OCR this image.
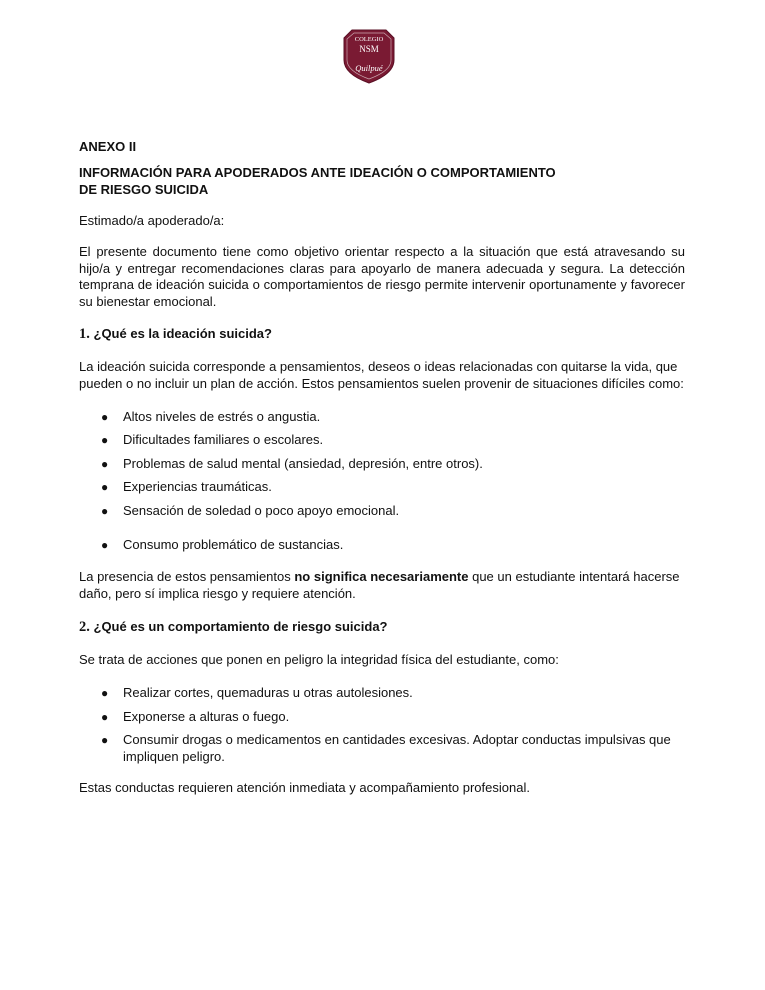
COLEGIO
NSM
Quilpué

ANEXO II

INFORMACIÓN PARA APODERADOS ANTE IDEACIÓN O COMPORTAMIENTO
DE RIESGO SUICIDA

Estimado/a apoderado/a:

El presente documento tiene como objetivo orientar respecto a la situación que está atravesando su hijo/a y entregar recomendaciones claras para apoyarlo de manera adecuada y segura. La detección temprana de ideación suicida o comportamientos de riesgo permite intervenir oportunamente y favorecer su bienestar emocional.

1. ¿Qué es la ideación suicida?

La ideación suicida corresponde a pensamientos, deseos o ideas relacionadas con quitarse la vida, que pueden o no incluir un plan de acción. Estos pensamientos suelen provenir de situaciones difíciles como:

● Altos niveles de estrés o angustia.
● Dificultades familiares o escolares.
● Problemas de salud mental (ansiedad, depresión, entre otros).
● Experiencias traumáticas.
● Sensación de soledad o poco apoyo emocional.
● Consumo problemático de sustancias.

La presencia de estos pensamientos no significa necesariamente que un estudiante intentará hacerse daño, pero sí implica riesgo y requiere atención.

2. ¿Qué es un comportamiento de riesgo suicida?

Se trata de acciones que ponen en peligro la integridad física del estudiante, como:

● Realizar cortes, quemaduras u otras autolesiones.
● Exponerse a alturas o fuego.
● Consumir drogas o medicamentos en cantidades excesivas. Adoptar conductas impulsivas que impliquen peligro.

Estas conductas requieren atención inmediata y acompañamiento profesional.
